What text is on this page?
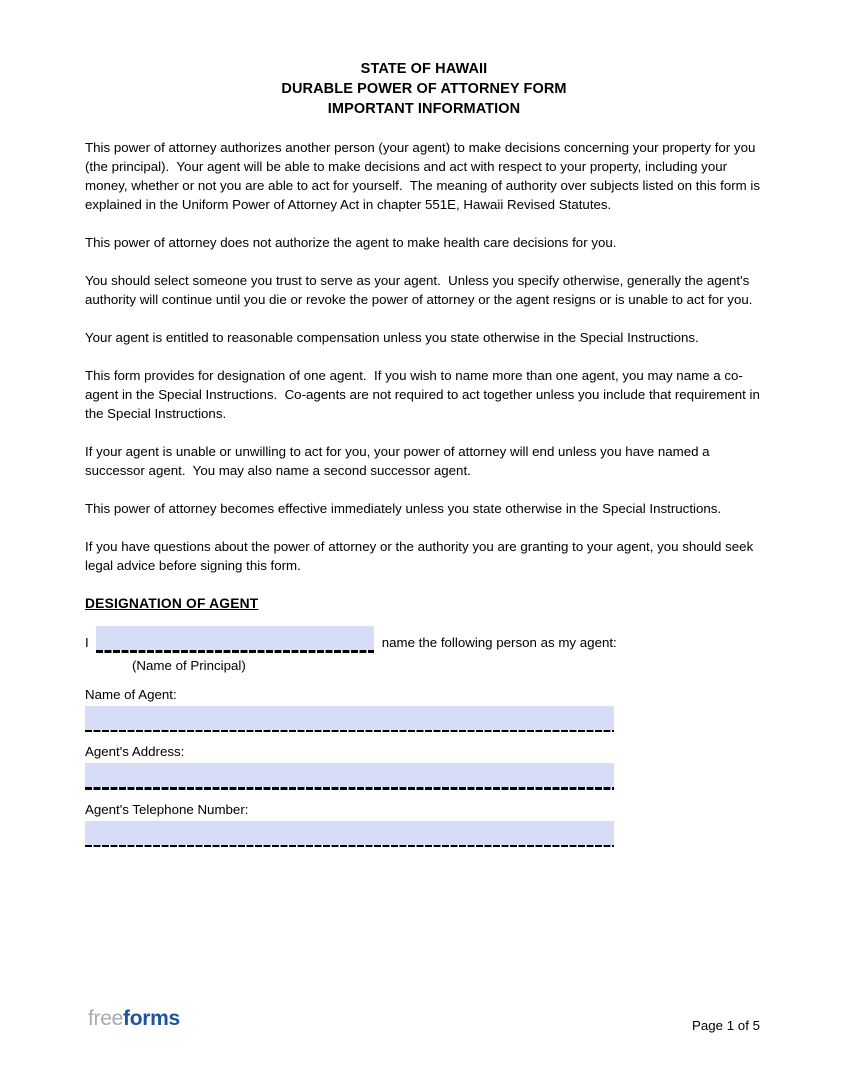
STATE OF HAWAII
DURABLE POWER OF ATTORNEY FORM
IMPORTANT INFORMATION

This power of attorney authorizes another person (your agent) to make decisions concerning your property for you (the principal).  Your agent will be able to make decisions and act with respect to your property, including your money, whether or not you are able to act for yourself.  The meaning of authority over subjects listed on this form is explained in the Uniform Power of Attorney Act in chapter 551E, Hawaii Revised Statutes.

This power of attorney does not authorize the agent to make health care decisions for you.

You should select someone you trust to serve as your agent.  Unless you specify otherwise, generally the agent's authority will continue until you die or revoke the power of attorney or the agent resigns or is unable to act for you.

Your agent is entitled to reasonable compensation unless you state otherwise in the Special Instructions.

This form provides for designation of one agent.  If you wish to name more than one agent, you may name a co-agent in the Special Instructions.  Co-agents are not required to act together unless you include that requirement in the Special Instructions.

If your agent is unable or unwilling to act for you, your power of attorney will end unless you have named a successor agent.  You may also name a second successor agent.

This power of attorney becomes effective immediately unless you state otherwise in the Special Instructions.

If you have questions about the power of attorney or the authority you are granting to your agent, you should seek legal advice before signing this form.

DESIGNATION OF AGENT
I	name the following person as my agent:
(Name of Principal)
Name of Agent:
Agent's Address:
Agent's Telephone Number:
freeforms	Page 1 of 5
